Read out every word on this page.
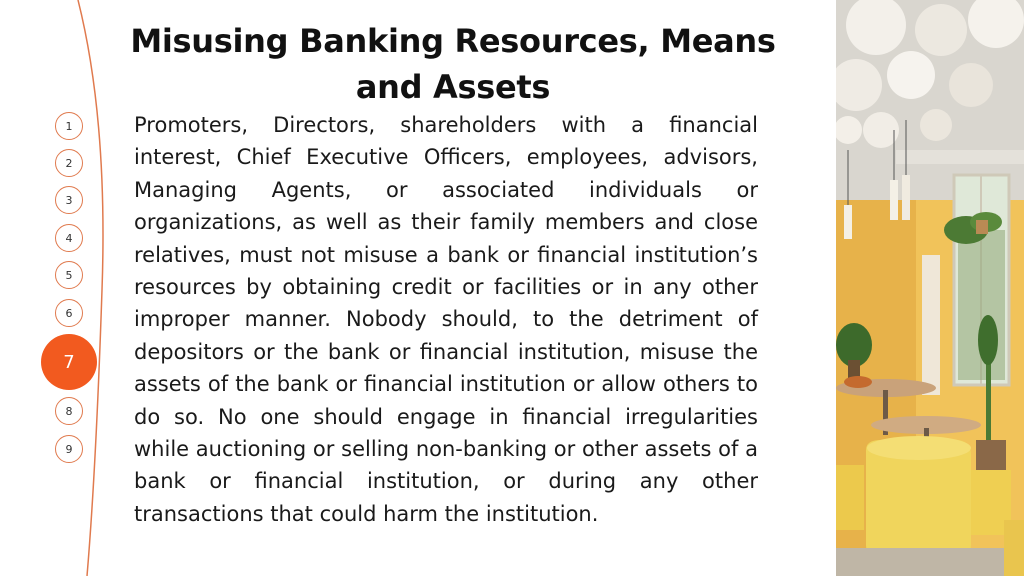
1
2
3
4
5
6
7
8
9
Misusing Banking Resources, Means and Assets

Promoters, Directors, shareholders with a financial interest, Chief Executive Officers, employees, advisors, Managing Agents, or associated individuals or organizations, as well as their family members and close relatives, must not misuse a bank or financial institution’s resources by obtaining credit or facilities or in any other improper manner. Nobody should, to the detriment of depositors or the bank or financial institution, misuse the assets of the bank or financial institution or allow others to do so. No one should engage in financial irregularities while auctioning or selling non-banking or other assets of a bank or financial institution, or during any other transactions that could harm the institution.
